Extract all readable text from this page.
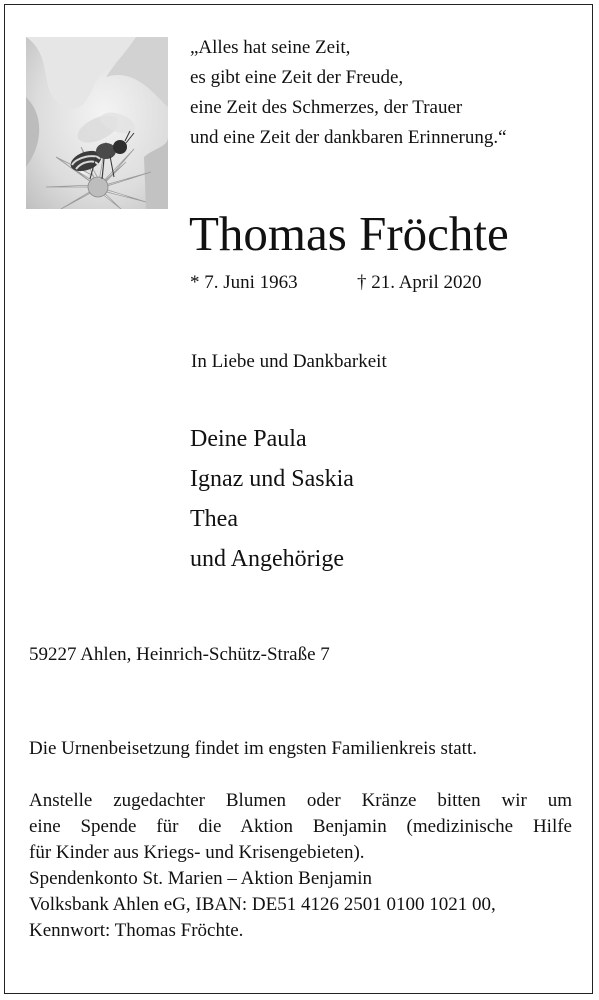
„Alles hat seine Zeit,
es gibt eine Zeit der Freude,
eine Zeit des Schmerzes, der Trauer
und eine Zeit der dankbaren Erinnerung.“
Thomas Fröchte
* 7. Juni 1963	† 21. April 2020
In Liebe und Dankbarkeit
Deine Paula
Ignaz und Saskia
Thea
und Angehörige
59227 Ahlen, Heinrich-Schütz-Straße 7
Die Urnenbeisetzung findet im engsten Familienkreis statt.
Anstelle zugedachter Blumen oder Kränze bitten wir um
eine Spende für die Aktion Benjamin (medizinische Hilfe
für Kinder aus Kriegs- und Krisengebieten).
Spendenkonto St. Marien – Aktion Benjamin
Volksbank Ahlen eG, IBAN: DE51 4126 2501 0100 1021 00,
Kennwort: Thomas Fröchte.
